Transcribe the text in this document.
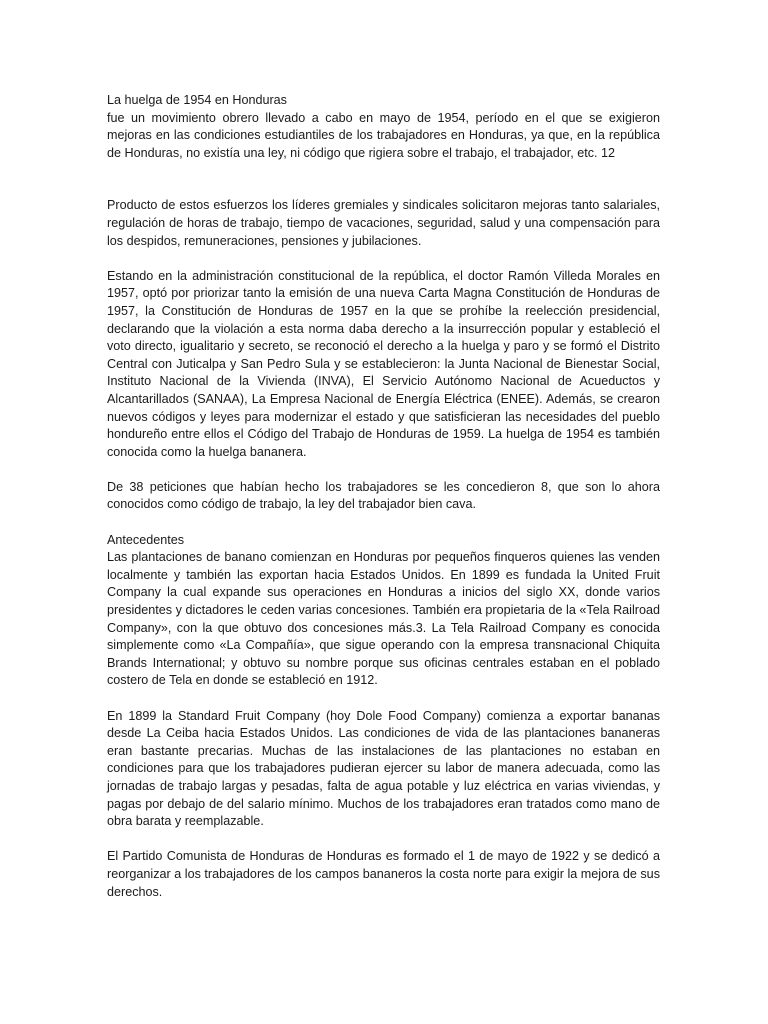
La huelga de 1954 en Honduras

fue un movimiento obrero llevado a cabo en mayo de 1954, período en el que se exigieron mejoras en las condiciones estudiantiles de los trabajadores en Honduras, ya que, en la república de Honduras, no existía una ley, ni código que rigiera sobre el trabajo, el trabajador, etc. 12

Producto de estos esfuerzos los líderes gremiales y sindicales solicitaron mejoras tanto salariales, regulación de horas de trabajo, tiempo de vacaciones, seguridad, salud y una compensación para los despidos, remuneraciones, pensiones y jubilaciones.

Estando en la administración constitucional de la república, el doctor Ramón Villeda Morales en 1957, optó por priorizar tanto la emisión de una nueva Carta Magna Constitución de Honduras de 1957, la Constitución de Honduras de 1957 en la que se prohíbe la reelección presidencial, declarando que la violación a esta norma daba derecho a la insurrección popular y estableció el voto directo, igualitario y secreto, se reconoció el derecho a la huelga y paro y se formó el Distrito Central con Juticalpa y San Pedro Sula y se establecieron: la Junta Nacional de Bienestar Social, Instituto Nacional de la Vivienda (INVA), El Servicio Autónomo Nacional de Acueductos y Alcantarillados (SANAA), La Empresa Nacional de Energía Eléctrica (ENEE). Además, se crearon nuevos códigos y leyes para modernizar el estado y que satisficieran las necesidades del pueblo hondureño entre ellos el Código del Trabajo de Honduras de 1959. La huelga de 1954 es también conocida como la huelga bananera.

De 38 peticiones que habían hecho los trabajadores se les concedieron 8, que son lo ahora conocidos como código de trabajo, la ley del trabajador bien cava.

Antecedentes

Las plantaciones de banano comienzan en Honduras por pequeños finqueros quienes las venden localmente y también las exportan hacia Estados Unidos. En 1899 es fundada la United Fruit Company la cual expande sus operaciones en Honduras a inicios del siglo XX, donde varios presidentes y dictadores le ceden varias concesiones. También era propietaria de la «Tela Railroad Company», con la que obtuvo dos concesiones más.3. La Tela Railroad Company es conocida simplemente como «La Compañía», que sigue operando con la empresa transnacional Chiquita Brands International; y obtuvo su nombre porque sus oficinas centrales estaban en el poblado costero de Tela en donde se estableció en 1912.

En 1899 la Standard Fruit Company (hoy Dole Food Company) comienza a exportar bananas desde La Ceiba hacia Estados Unidos. Las condiciones de vida de las plantaciones bananeras eran bastante precarias. Muchas de las instalaciones de las plantaciones no estaban en condiciones para que los trabajadores pudieran ejercer su labor de manera adecuada, como las jornadas de trabajo largas y pesadas, falta de agua potable y luz eléctrica en varias viviendas, y pagas por debajo de del salario mínimo. Muchos de los trabajadores eran tratados como mano de obra barata y reemplazable.

El Partido Comunista de Honduras de Honduras es formado el 1 de mayo de 1922 y se dedicó a reorganizar a los trabajadores de los campos bananeros la costa norte para exigir la mejora de sus derechos.
